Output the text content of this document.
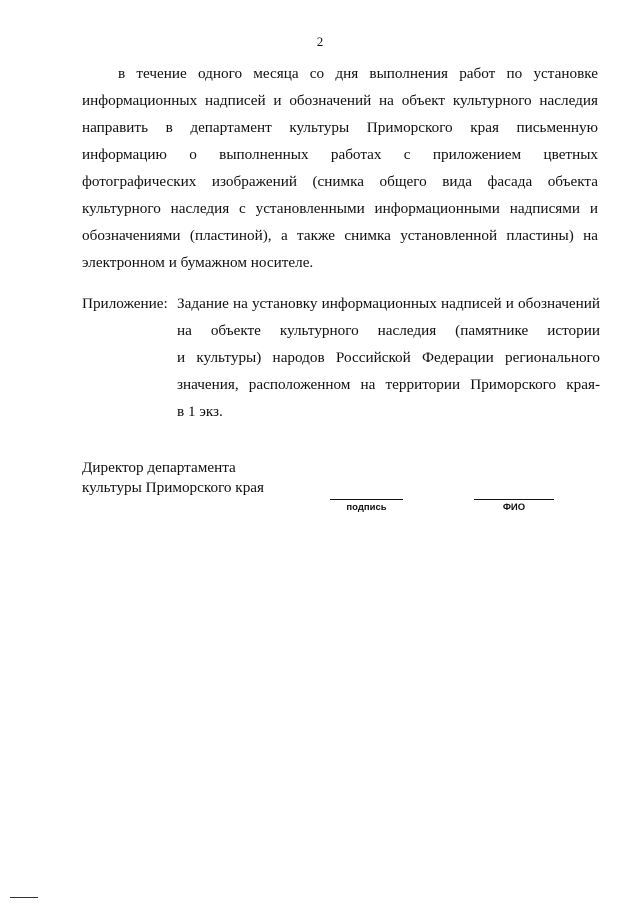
2
в течение одного месяца со дня выполнения работ по установке
информационных надписей и обозначений на объект культурного наследия
направить в департамент культуры Приморского края письменную
информацию о выполненных работах с приложением цветных
фотографических изображений (снимка общего вида фасада объекта
культурного наследия с установленными информационными надписями и
обозначениями (пластиной), а также снимка установленной пластины) на
электронном и бумажном носителе.
Приложение: Задание на установку информационных надписей и обозначений
на объекте культурного наследия (памятнике истории
и культуры) народов Российской Федерации регионального
значения, расположенном на территории Приморского края-
в 1 экз.
Директор департамента
культуры Приморского края
подпись	ФИО
